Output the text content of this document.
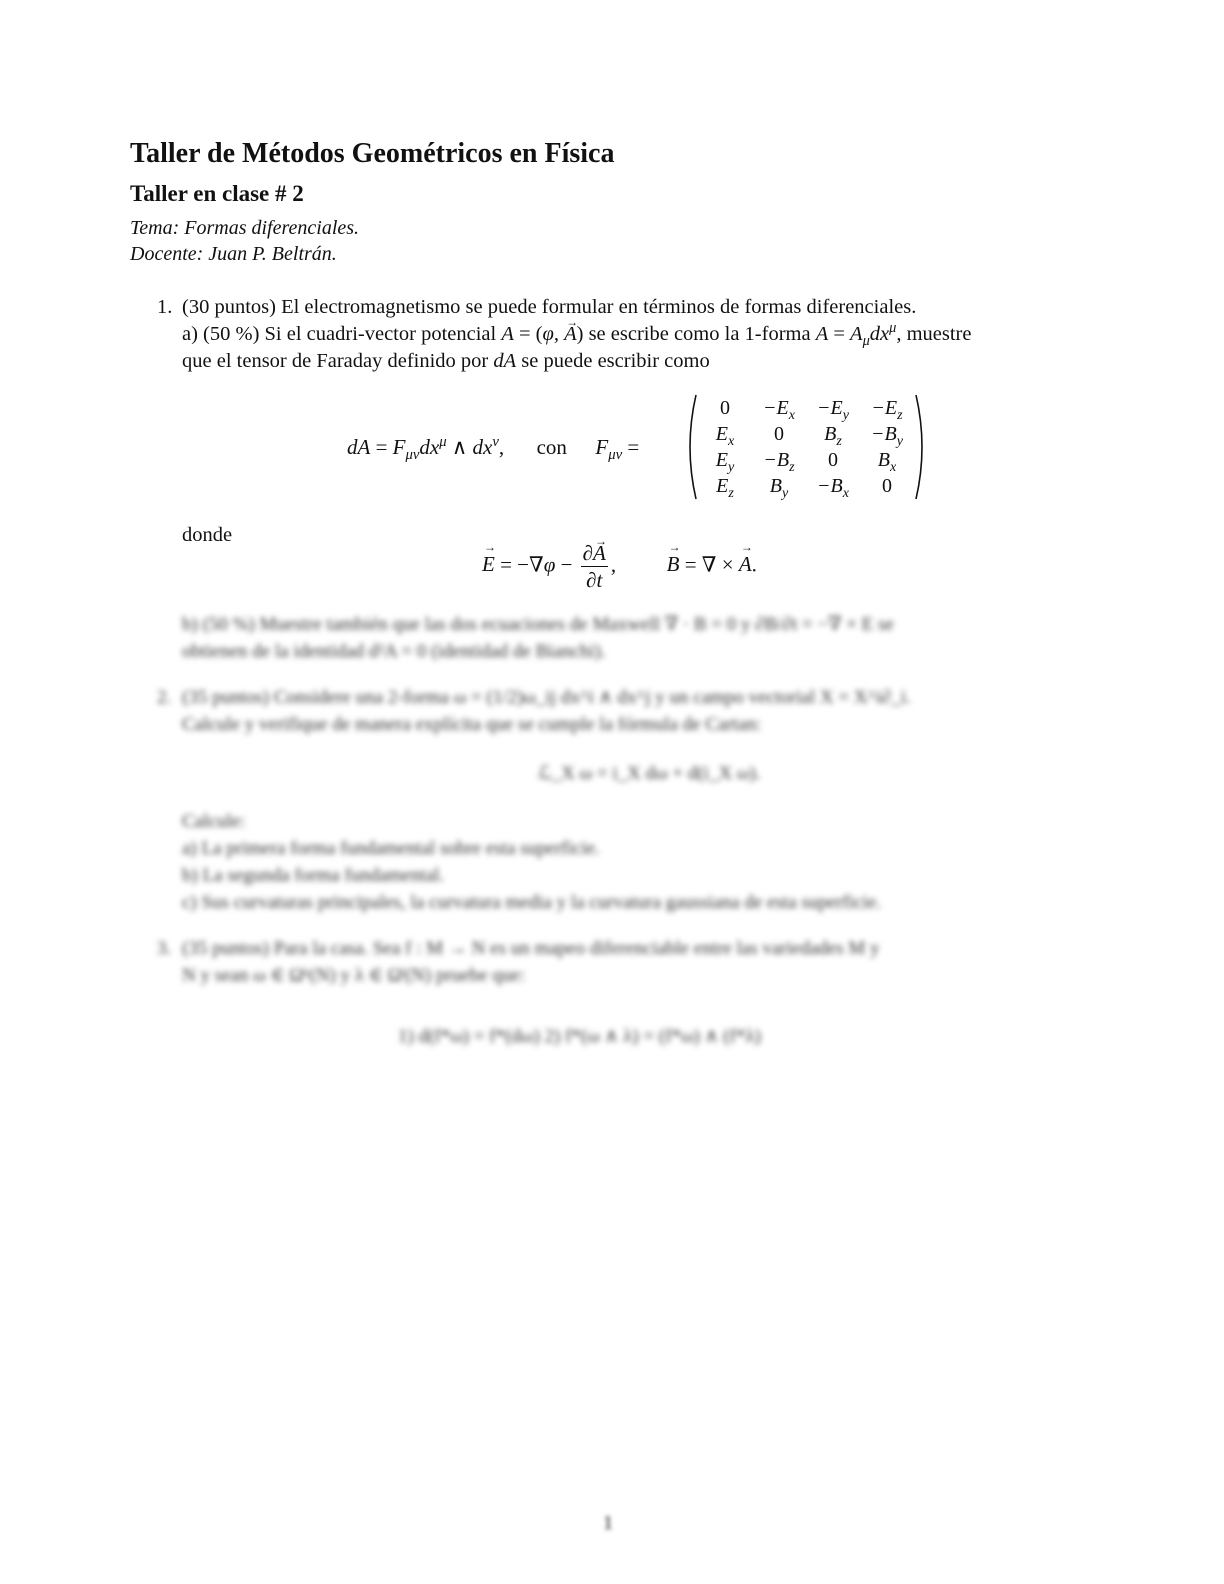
Taller de Métodos Geométricos en Física
Taller en clase # 2
Tema: Formas diferenciales.
Docente: Juan P. Beltrán.
1. (30 puntos) El electromagnetismo se puede formular en términos de formas diferenciales.
a) (50 %) Si el cuadri-vector potencial A = (φ, → A) se escribe como la 1-forma $A = A_\mu dx^\mu$, muestre
que el tensor de Faraday definido por dA se puede escribir como
dA = $F_{\mu\nu}dx^\mu$ ∧ $dx^\nu$,  con $F_{\mu\nu}$ =
0	$-E_x$	$-E_y$	$-E_z$
$E_x$	0	$B_z$	$-B_y$
$E_y$	$-B_z$	0	$B_x$
$E_z$	$B_y$	$-B_x$	0
donde
→ $E = -\nabla\varphi - \frac{\partial\to A}{\partial t}$ ,  → B = ∇ × → A.
b) (50 %) Muestre también que las dos ecuaciones de Maxwell ∇ · B = 0 y ∂B/∂t = −∇ × E se
obtienen de la identidad d²A = 0 (identidad de Bianchi).
2. (35 puntos) Considere una 2-forma ω = (1/2)ω_ij dx^i ∧ dx^j y un campo vectorial X = X^i∂_i.
Calcule y verifique de manera explícita que se cumple la fórmula de Cartan:
ℒ_X ω = i_X dω + d(i_X ω).
Calcule:
a) La primera forma fundamental sobre esta superficie.
b) La segunda forma fundamental.
c) Sus curvaturas principales, la curvatura media y la curvatura gaussiana de esta superficie.
3. (35 puntos) Para la casa. Sea f : M → N es un mapeo diferenciable entre las variedades M y
N y sean ω ∈ Ωᵏ(N) y λ ∈ Ωˡ(N) pruebe que:
1) d(f*ω) = f*(dω) 2) f*(ω ∧ λ) = (f*ω) ∧ (f*λ)
1
